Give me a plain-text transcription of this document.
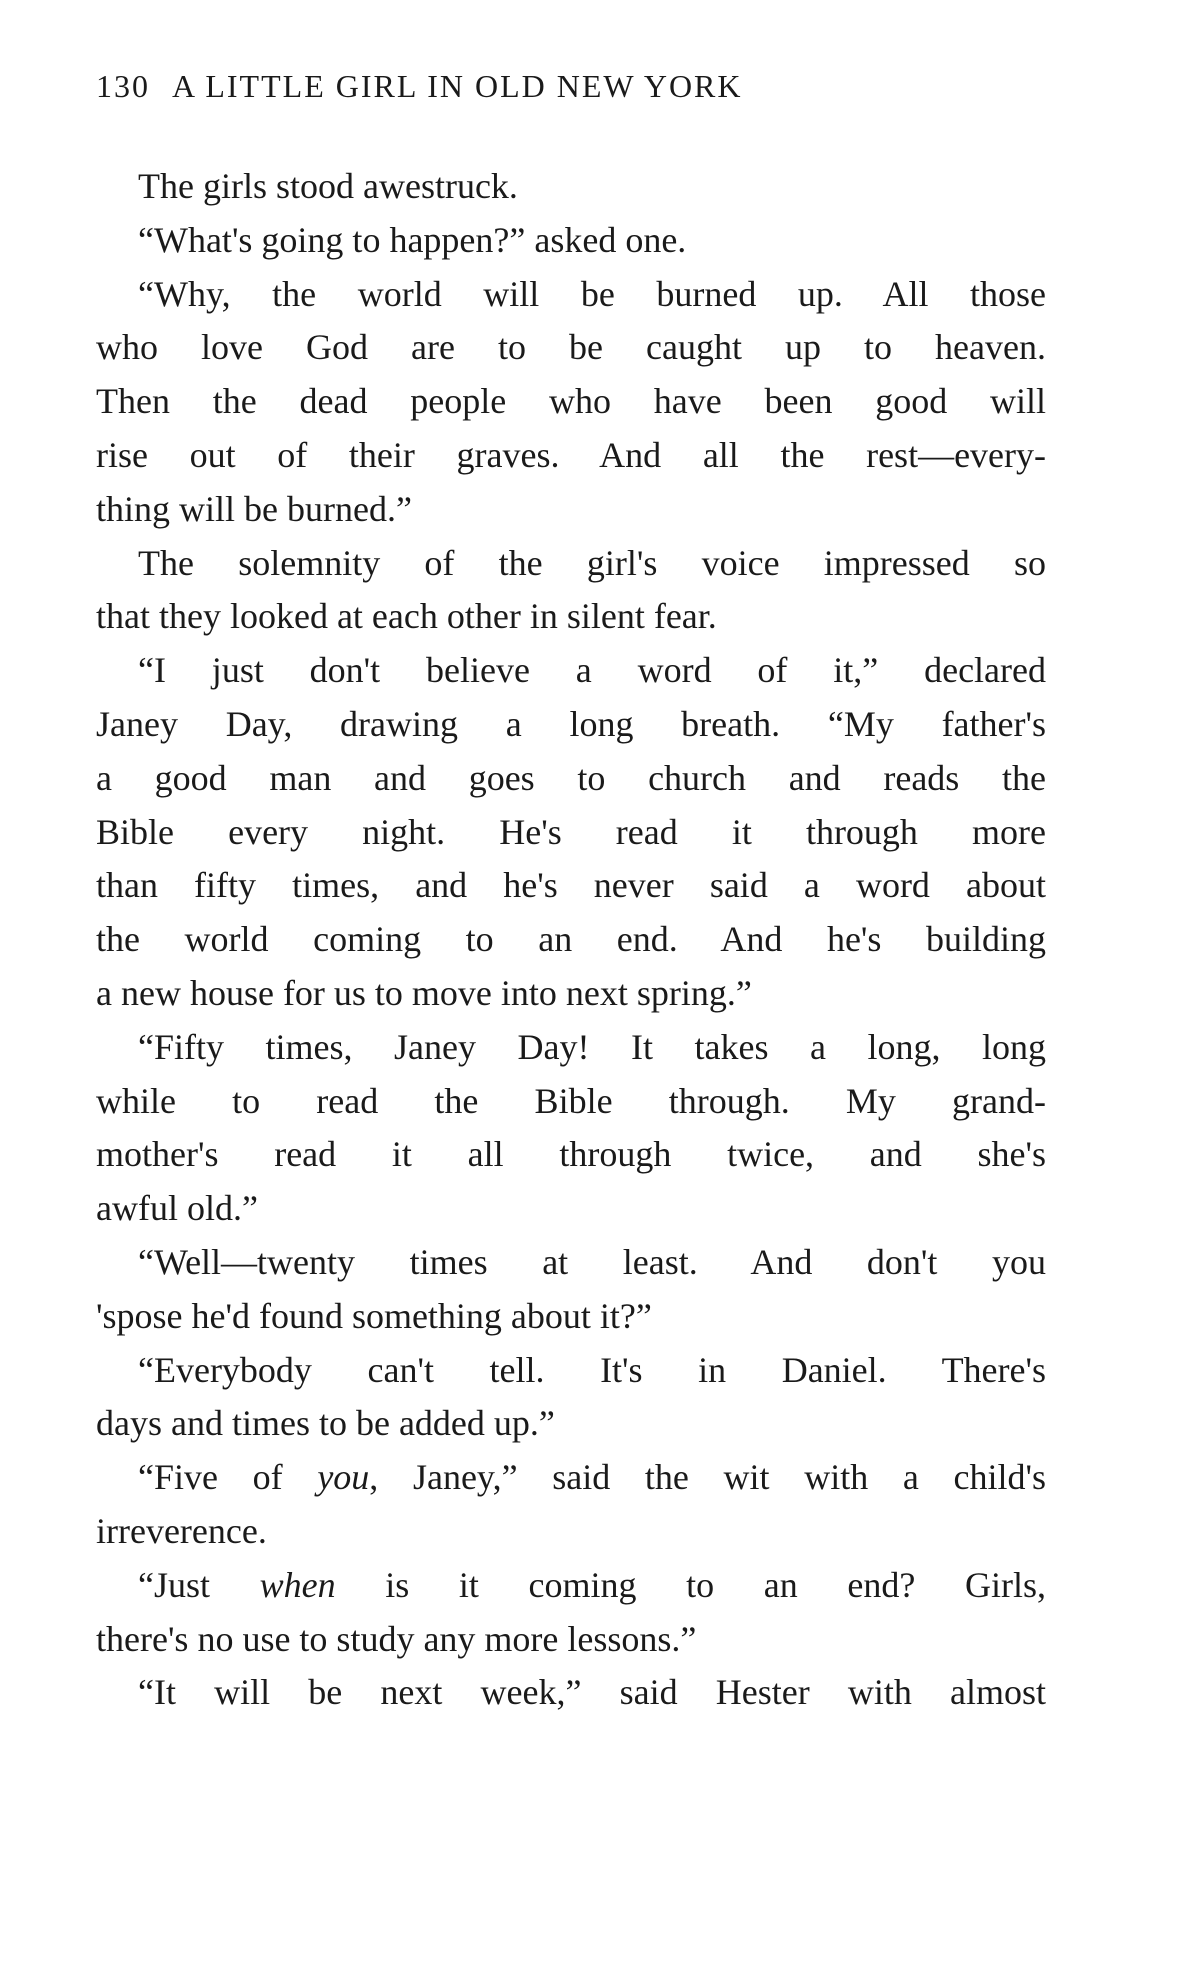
130 A LITTLE GIRL IN OLD NEW YORK
The girls stood awestruck.
“What's going to happen?” asked one.
“Why, the world will be burned up. All those
who love God are to be caught up to heaven.
Then the dead people who have been good will
rise out of their graves. And all the rest—every-
thing will be burned.”
The solemnity of the girl's voice impressed so
that they looked at each other in silent fear.
“I just don't believe a word of it,” declared
Janey Day, drawing a long breath. “My father's
a good man and goes to church and reads the
Bible every night. He's read it through more
than fifty times, and he's never said a word about
the world coming to an end. And he's building
a new house for us to move into next spring.”
“Fifty times, Janey Day! It takes a long, long
while to read the Bible through. My grand-
mother's read it all through twice, and she's
awful old.”
“Well—twenty times at least. And don't you
'spose he'd found something about it?”
“Everybody can't tell. It's in Daniel. There's
days and times to be added up.”
“Five of you, Janey,” said the wit with a child's
irreverence.
“Just when is it coming to an end? Girls,
there's no use to study any more lessons.”
“It will be next week,” said Hester with almost
